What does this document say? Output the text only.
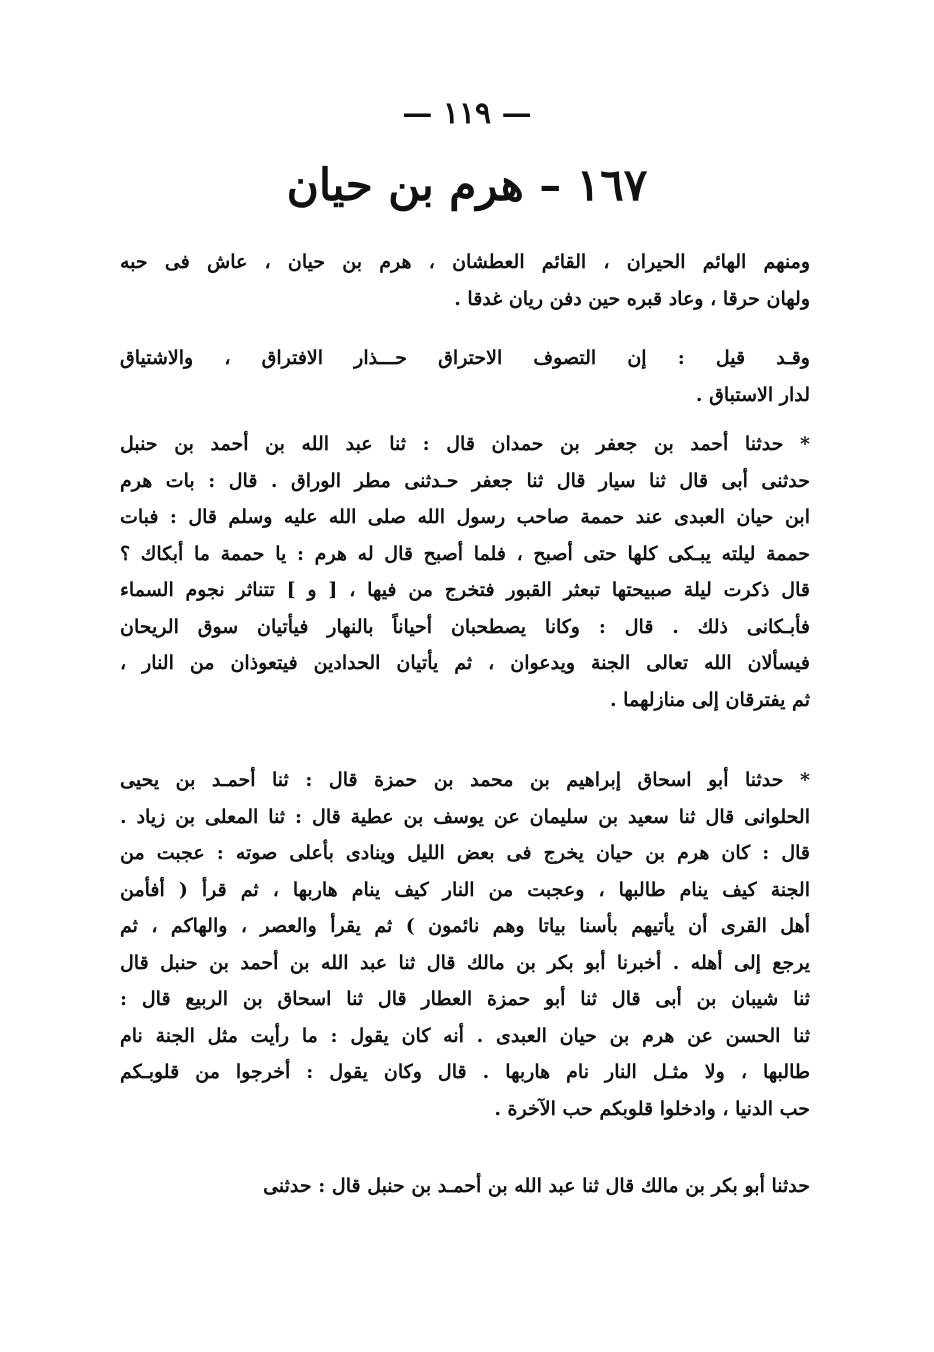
— ١١٩ —
١٦٧ – هرم بن حيان
ومنهم الهائم الحيران ، القائم العطشان ، هرم بن حيان ، عاش فى حبه
ولهان حرقا ، وعاد قبره حين دفن ريان غدقا .
وقـد قيل : إن التصوف الاحتراق حـــذار الافتراق ، والاشتياق
لدار الاستباق .
* حدثنا أحمد بن جعفر بن حمدان قال : ثنا عبد الله بن أحمد بن حنبل
حدثنى أبى قال ثنا سيار قال ثنا جعفر حـدثنى مطر الوراق . قال : بات هرم
ابن حيان العبدى عند حممة صاحب رسول الله صلى الله عليه وسلم قال : فبات
حممة ليلته يبـكى كلها حتى أصبح ، فلما أصبح قال له هرم : يا حممة ما أبكاك ؟
قال ذكرت ليلة صبيحتها تبعثر القبور فتخرج من فيها ، [ و ] تتناثر نجوم السماء
فأبـكانى ذلك . قال : وكانا يصطحبان أحياناً بالنهار فيأتيان سوق الريحان
فيسألان الله تعالى الجنة ويدعوان ، ثم يأتيان الحدادين فيتعوذان من النار ،
ثم يفترقان إلى منازلهما .
* حدثنا أبو اسحاق إبراهيم بن محمد بن حمزة قال : ثنا أحمـد بن يحيى
الحلوانى قال ثنا سعيد بن سليمان عن يوسف بن عطية قال : ثنا المعلى بن زياد .
قال : كان هرم بن حيان يخرج فى بعض الليل وينادى بأعلى صوته : عجبت من
الجنة كيف ينام طالبها ، وعجبت من النار كيف ينام هاربها ، ثم قرأ ( أفأمن
أهل القرى أن يأتيهم بأسنا بياتا وهم نائمون ) ثم يقرأ والعصر ، والهاكم ، ثم
يرجع إلى أهله . أخبرنا أبو بكر بن مالك قال ثنا عبد الله بن أحمد بن حنبل قال
ثنا شيبان بن أبى قال ثنا أبو حمزة العطار قال ثنا اسحاق بن الربيع قال :
ثنا الحسن عن هرم بن حيان العبدى . أنه كان يقول : ما رأيت مثل الجنة نام
طالبها ، ولا مثـل النار نام هاربها . قال وكان يقول : أخرجوا من قلوبـكم
حب الدنيا ، وادخلوا قلوبكم حب الآخرة .
حدثنا أبو بكر بن مالك قال ثنا عبد الله بن أحمـد بن حنبل قال : حدثنى
